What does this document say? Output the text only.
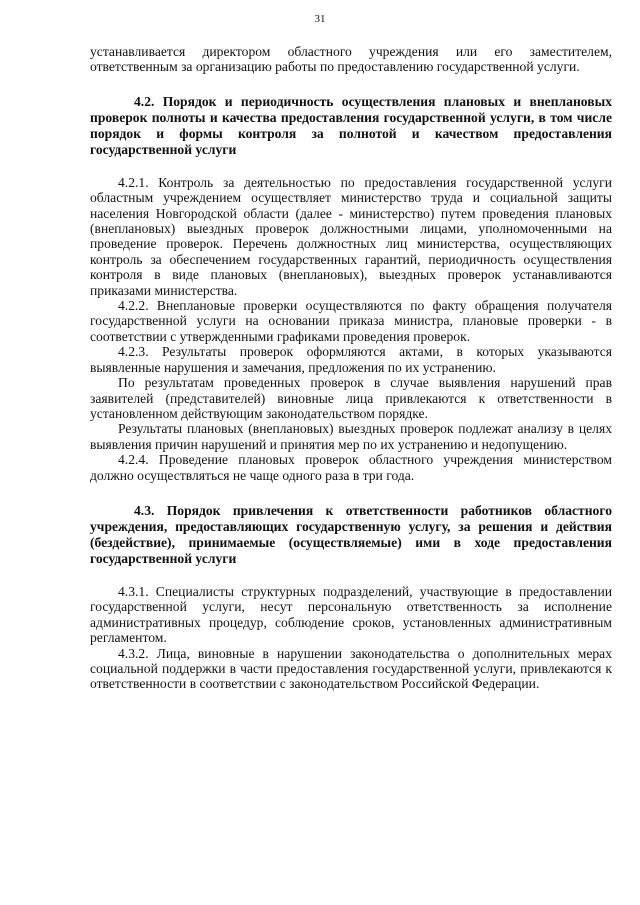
31

устанавливается директором областного учреждения или его заместителем, ответственным за организацию работы по предоставлению государственной услуги.

4.2. Порядок и периодичность осуществления плановых и внеплановых проверок полноты и качества предоставления государственной услуги, в том числе порядок и формы контроля за полнотой и качеством предоставления государственной услуги

4.2.1. Контроль за деятельностью по предоставления государственной услуги областным учреждением осуществляет министерство труда и социальной защиты населения Новгородской области (далее - министерство) путем проведения плановых (внеплановых) выездных проверок должностными лицами, уполномоченными на проведение проверок. Перечень должностных лиц министерства, осуществляющих контроль за обеспечением государственных гарантий, периодичность осуществления контроля в виде плановых (внеплановых), выездных проверок устанавливаются приказами министерства.

4.2.2. Внеплановые проверки осуществляются по факту обращения получателя государственной услуги на основании приказа министра, плановые проверки - в соответствии с утвержденными графиками проведения проверок.

4.2.3. Результаты проверок оформляются актами, в которых указываются выявленные нарушения и замечания, предложения по их устранению.

По результатам проведенных проверок в случае выявления нарушений прав заявителей (представителей) виновные лица привлекаются к ответственности в установленном действующим законодательством порядке.

Результаты плановых (внеплановых) выездных проверок подлежат анализу в целях выявления причин нарушений и принятия мер по их устранению и недопущению.

4.2.4. Проведение плановых проверок областного учреждения министерством должно осуществляться не чаще одного раза в три года.

4.3. Порядок привлечения к ответственности работников областного учреждения, предоставляющих государственную услугу, за решения и действия (бездействие), принимаемые (осуществляемые) ими в ходе предоставления государственной услуги

4.3.1. Специалисты структурных подразделений, участвующие в предоставлении государственной услуги, несут персональную ответственность за исполнение административных процедур, соблюдение сроков, установленных административным регламентом.

4.3.2. Лица, виновные в нарушении законодательства о дополнительных мерах социальной поддержки в части предоставления государственной услуги, привлекаются к ответственности в соответствии с законодательством Российской Федерации.
